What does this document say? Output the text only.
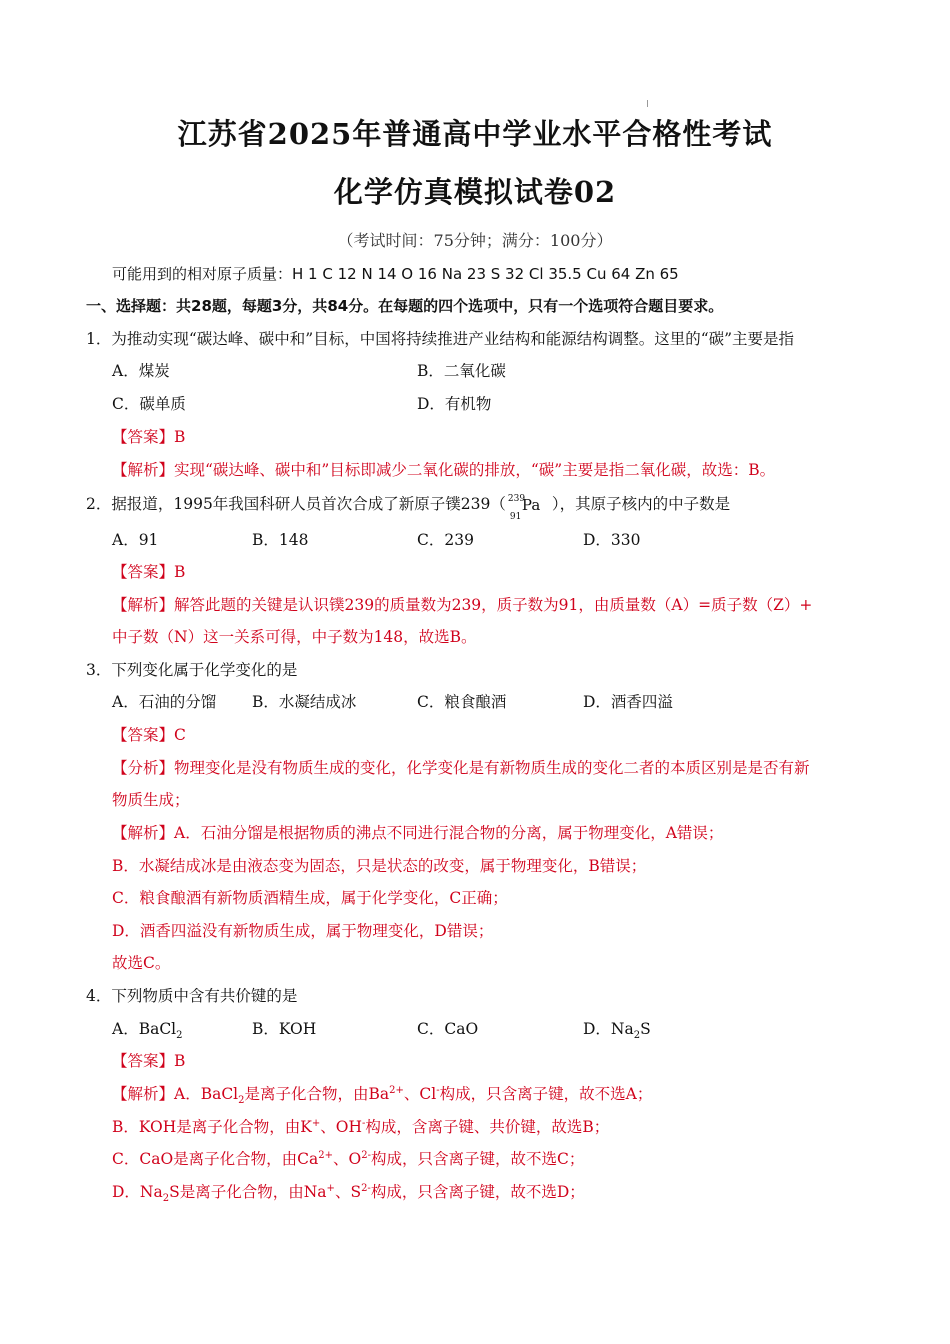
江苏省2025年普通高中学业水平合格性考试
化学仿真模拟试卷02
（考试时间：75分钟；满分：100分）
可能用到的相对原子质量：H 1 C 12 N 14 O 16 Na 23 S 32 Cl 35.5 Cu 64 Zn 65
一、选择题：共28题，每题3分，共84分。在每题的四个选项中，只有一个选项符合题目要求。
1．为推动实现“碳达峰、碳中和”目标，中国将持续推进产业结构和能源结构调整。这里的“碳”主要是指
A．煤炭	B．二氧化碳
C．碳单质	D．有机物
【答案】B
【解析】实现“碳达峰、碳中和”目标即减少二氧化碳的排放，“碳”主要是指二氧化碳，故选：B。
2．据报道，1995年我国科研人员首次合成了新原子镤239（ 239
91
Pa ），其原子核内的中子数是
A．91	B．148	C．239	D．330
【答案】B
【解析】解答此题的关键是认识镤239的质量数为239，质子数为91，由质量数（A）=质子数（Z）+
中子数（N）这一关系可得，中子数为148，故选B。
3．下列变化属于化学变化的是
A．石油的分馏 B．水凝结成冰	C．粮食酿酒	D．酒香四溢
【答案】C
【分析】物理变化是没有物质生成的变化，化学变化是有新物质生成的变化二者的本质区别是是否有新
物质生成；
【解析】A．石油分馏是根据物质的沸点不同进行混合物的分离，属于物理变化，A错误；
B．水凝结成冰是由液态变为固态，只是状态的改变，属于物理变化，B错误；
C．粮食酿酒有新物质酒精生成，属于化学变化，C正确；
D．酒香四溢没有新物质生成，属于物理变化，D错误；
故选C。
4．下列物质中含有共价键的是
A．BaCl$_2$	B．KOH	C．CaO	D．$Na_2S$
【答案】B
【解析】A．BaCl$_2$是离子化合物，由$Ba^{2+}$、Cl-构成，只含离子键，故不选A；
B．KOH是离子化合物，由K+、OH-构成，含离子键、共价键，故选B；
C．CaO是离子化合物，由$Ca^{2+}$、$O^{2-}$构成，只含离子键，故不选C；
D．$Na_2S$是离子化合物，由Na+、$S^{2-}$构成，只含离子键，故不选D；
